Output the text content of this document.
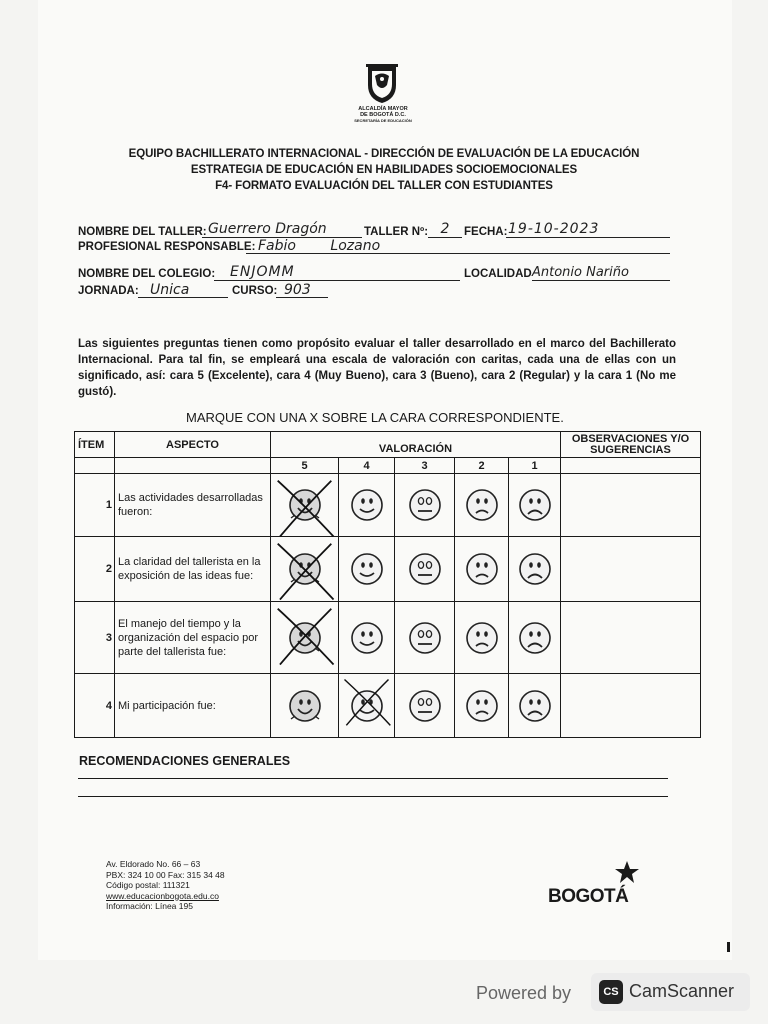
ALCALDÍA MAYOR
DE BOGOTÁ D.C.
SECRETARÍA DE EDUCACIÓN
EQUIPO BACHILLERATO INTERNACIONAL - DIRECCIÓN DE EVALUACIÓN DE LA EDUCACIÓN
ESTRATEGIA DE EDUCACIÓN EN HABILIDADES SOCIOEMOCIONALES
F4- FORMATO EVALUACIÓN DEL TALLER CON ESTUDIANTES
NOMBRE DEL TALLER: Guerrero Dragón	TALLER Nº: 2	FECHA: 19-10-2023
PROFESIONAL RESPONSABLE: Fabio Lozano
NOMBRE DEL COLEGIO:	ENJOMM	LOCALIDAD Antonio Nariño
JORNADA: Unica	CURSO: 903
Las siguientes preguntas tienen como propósito evaluar el taller desarrollado en el marco del Bachillerato Internacional. Para tal fin, se empleará una escala de valoración con caritas, cada una de ellas con un significado, así: cara 5 (Excelente), cara 4 (Muy Bueno), cara 3 (Bueno), cara 2 (Regular) y la cara 1 (No me gustó).
MARQUE CON UNA X SOBRE LA CARA CORRESPONDIENTE.
ÍTEM	ASPECTO	VALORACIÓN					OBSERVACIONES Y/O SUGERENCIAS
		5	4	3	2	1	
1	Las actividades desarrolladas fueron:	

2	La claridad del tallerista en la exposición de las ideas fue:	

3	El manejo del tiempo y la organización del espacio por parte del tallerista fue:	

4	Mi participación fue:	

RECOMENDACIONES GENERALES
Av. Eldorado No. 66 – 63
PBX: 324 10 00 Fax: 315 34 48
Código postal: 111321
www.educacionbogota.edu.co
Información: Línea 195	BOGOTÁ
Powered by	CS CamScanner
